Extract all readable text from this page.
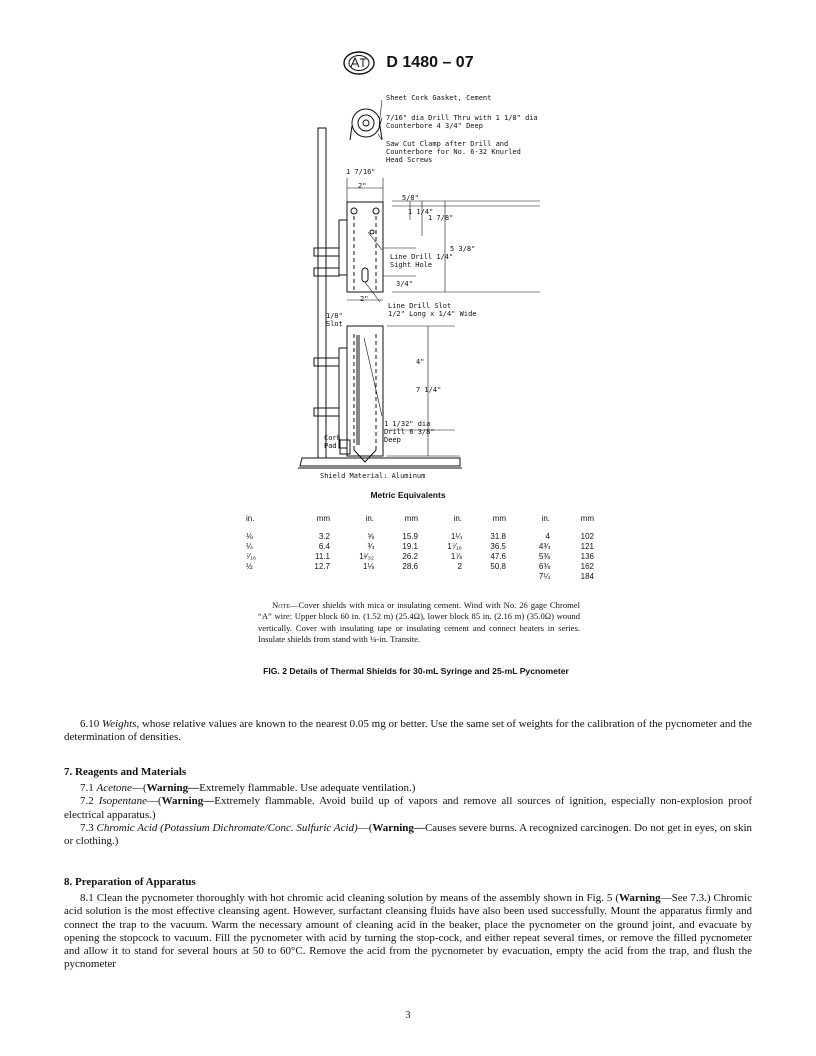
D 1480 – 07
Sheet Cork Gasket, Cement
7/16" dia Drill Thru with 1 1/8" dia
Counterbore 4 3/4" Deep
Saw Cut Clamp after Drill and
Counterbore for No. 6-32 Knurled
Head Screws
1 7/16"
2"
5/8"
1 1/4"
1 7/8"
5 3/8"
Line Drill 1/4"
Sight Hole
3/4"
2"
Line Drill Slot
1/2" Long x 1/4" Wide
1/8"
Slot
4"
7 1/4"
1 1/32" dia
Drill 6 3/8"
Deep
Cork
Pad
Shield Material: Aluminum
Metric Equivalents
in.	mm	in.	mm	in.	mm	in.	mm
⅛	3.2	⅝	15.9	1¼	31.8	4	102
¼	6.4	¾	19.1	1⁷⁄₁₆	36.5	4¾	121
⁷⁄₁₆	11.1	1¹⁄₃₂	26.2	1⅞	47.6	5⅜	136
½	12.7	1⅛	28.6	2	50.8	6⅜	162
						7¼	184
Note—Cover shields with mica or insulating cement. Wind with No. 26 gage Chromel “A” wire: Upper block 60 in. (1.52 m) (25.4Ω), lower block 85 in. (2.16 m) (35.0Ω) wound vertically. Cover with insulating tape or insulating cement and connect heaters in series. Insulate shields from stand with ¼-in. Transite.
FIG. 2 Details of Thermal Shields for 30-mL Syringe and 25-mL Pycnometer

6.10 Weights, whose relative values are known to the nearest 0.05 mg or better. Use the same set of weights for the calibration of the pycnometer and the determination of densities.

7. Reagents and Materials

7.1 Acetone—(Warning—Extremely flammable. Use adequate ventilation.)

7.2 Isopentane—(Warning—Extremely flammable. Avoid build up of vapors and remove all sources of ignition, especially non-explosion proof electrical apparatus.)

7.3 Chromic Acid (Potassium Dichromate/Conc. Sulfuric Acid)—(Warning—Causes severe burns. A recognized carcinogen. Do not get in eyes, on skin or clothing.)

8. Preparation of Apparatus

8.1 Clean the pycnometer thoroughly with hot chromic acid cleaning solution by means of the assembly shown in Fig. 5 (Warning—See 7.3.) Chromic acid solution is the most effective cleansing agent. However, surfactant cleansing fluids have also been used successfully. Mount the apparatus firmly and connect the trap to the vacuum. Warm the necessary amount of cleaning acid in the beaker, place the pycnometer on the ground joint, and evacuate by opening the stopcock to vacuum. Fill the pycnometer with acid by turning the stop-cock, and either repeat several times, or remove the filled pycnometer and allow it to stand for several hours at 50 to 60°C. Remove the acid from the pycnometer by evacuation, empty the acid from the trap, and flush the pycnometer

3
